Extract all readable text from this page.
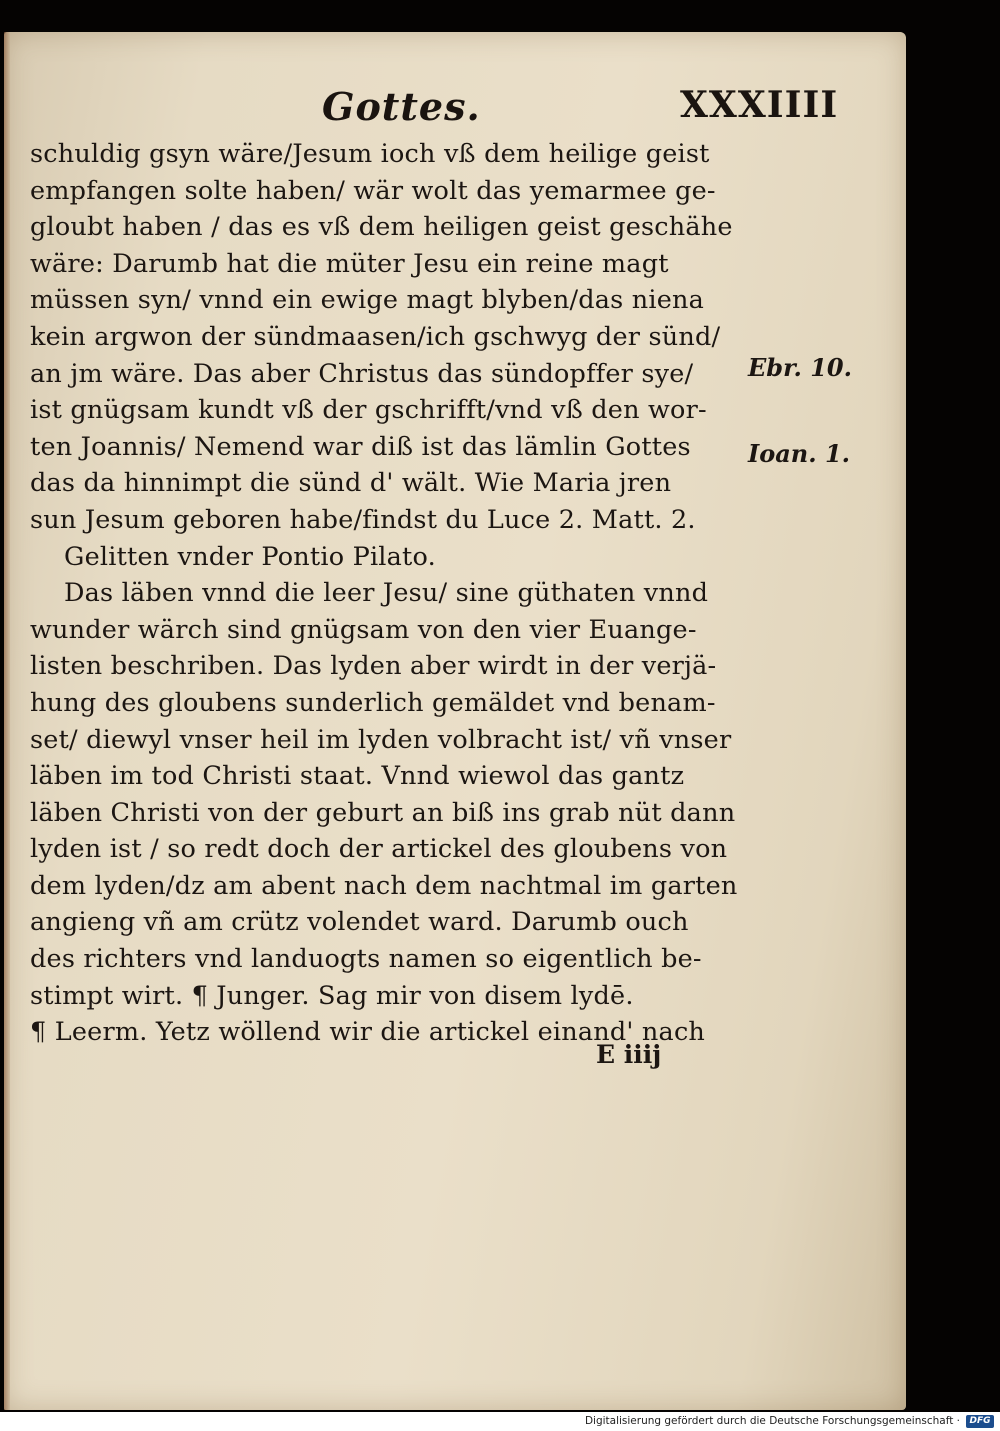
Gottes.	XXXIIII
schuldig gsyn wäre/Jesum ioch vß dem heilige geist
empfangen solte haben/ wär wolt das yemarmee ge-
gloubt haben / das es vß dem heiligen geist geschähe
wäre: Darumb hat die müter Jesu ein reine magt
müssen syn/ vnnd ein ewige magt blyben/das niena
kein argwon der sündmaasen/ich gschwyg der sünd/
an jm wäre. Das aber Christus das sündopffer sye/
ist gnügsam kundt vß der gschrifft/vnd vß den wor-
ten Joannis/ Nemend war diß ist das lämlin Gottes
das da hinnimpt die sünd d' wält. Wie Maria jren
sun Jesum geboren habe/findst du Luce 2. Matt. 2.
Gelitten vnder Pontio Pilato.
Das läben vnnd die leer Jesu/ sine güthaten vnnd
wunder wärch sind gnügsam von den vier Euange-
listen beschriben. Das lyden aber wirdt in der verjä-
hung des gloubens sunderlich gemäldet vnd benam-
set/ diewyl vnser heil im lyden volbracht ist/ vñ vnser
läben im tod Christi staat. Vnnd wiewol das gantz
läben Christi von der geburt an biß ins grab nüt dann
lyden ist / so redt doch der artickel des gloubens von
dem lyden/dz am abent nach dem nachtmal im garten
angieng vñ am crütz volendet ward. Darumb ouch
des richters vnd landuogts namen so eigentlich be-
stimpt wirt. ¶ Junger. Sag mir von disem lydē.
¶ Leerm. Yetz wöllend wir die artickel einand' nach
Ebr. 10.
Ioan. 1.
E iiij
Digitalisierung gefördert durch die Deutsche Forschungsgemeinschaft ·	DFG
